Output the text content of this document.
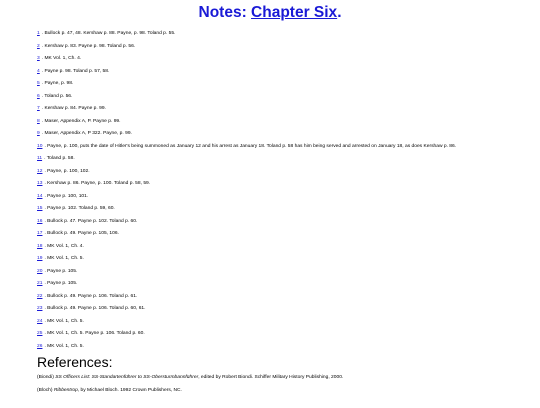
Notes: Chapter Six.
1 . Bullock p. 47, 48. Kershaw p. 88. Payne, p. 98. Toland p. 55.
2 . Kershaw p. 83. Payne p. 98. Toland p. 56.
3 . MK Vol. 1, Ch. 4.
4 . Payne p. 98. Toland p. 57, 58.
5 . Payne, p. 98.
6 . Toland p. 56.
7 . Kershaw p. 84. Payne p. 99.
8 . Maser, Appendix A, P. Payne p. 99.
9 . Maser, Appendix A, P 322. Payne, p. 99.
10 . Payne, p. 100, puts the date of Hitler's being summoned as January 12 and his arrest as January 18. Toland p. 58 has him being served and arrested on January 18, as does Kershaw p. 86.
11 . Toland p. 58.
12 . Payne, p. 100, 102.
13 . Kershaw p. 86. Payne, p. 100. Toland p. 58, 59.
14 . Payne p. 100, 101.
15 . Payne p. 102. Toland p. 59, 60.
16 . Bullock p. 47. Payne p. 102. Toland p. 60.
17 . Bullock p. 49. Payne p. 105, 106.
18 . MK Vol. 1, Ch. 4.
19 . MK Vol. 1, Ch. 5.
20 . Payne p. 105.
21 . Payne p. 105.
22 . Bullock p. 49. Payne p. 106. Toland p. 61.
23 . Bullock p. 49. Payne p. 106. Toland p. 60, 61.
24 . MK Vol. 1, Ch. 5.
25 . MK Vol. 1, Ch. 5. Payne p. 106. Toland p. 60.
26 . MK Vol. 1, Ch. 5.
References:
(Biondi) SS Officers List: SS-Standartenführer to SS-Obersturmbannführer, edited by Robert Biondi. Schiffer Military History Publishing, 2000.
(Bloch) Ribbentrop, by Michael Bloch. 1992 Crown Publishers, NC.
